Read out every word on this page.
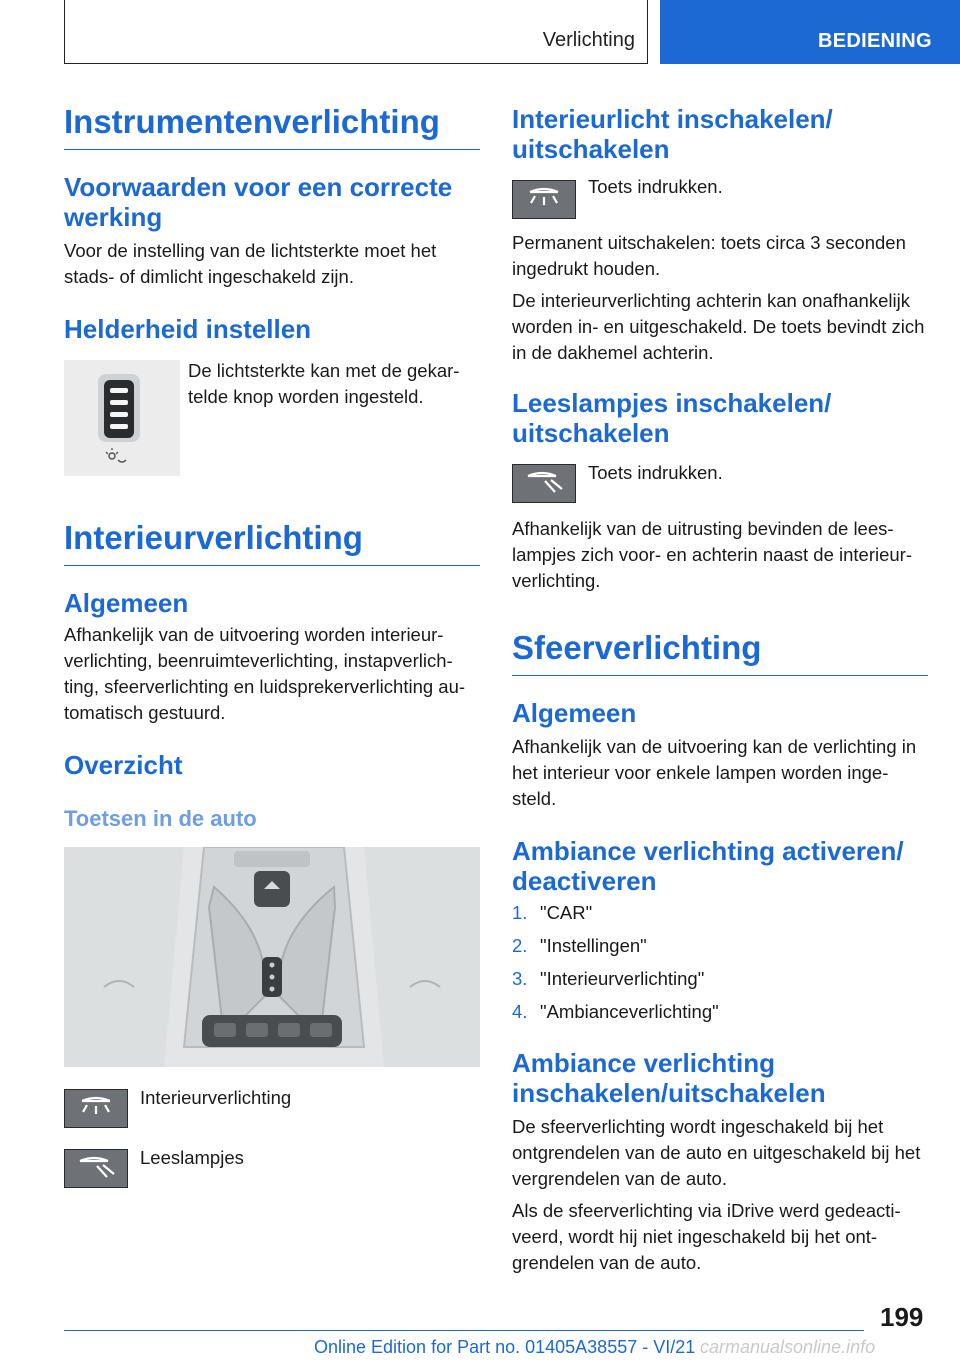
Verlichting	BEDIENING
Instrumentenverlichting
Voorwaarden voor een correcte werking

Voor de instelling van de lichtsterkte moet het stads- of dimlicht ingeschakeld zijn.

Helderheid instellen

De lichtsterkte kan met de gekar-telde knop worden ingesteld.

Interieurverlichting
Algemeen

Afhankelijk van de uitvoering worden interieur-verlichting, beenruimteverlichting, instapverlich-ting, sfeerverlichting en luidsprekerverlichting au-tomatisch gestuurd.

Overzicht
Toetsen in de auto

Interieurverlichting

Leeslampjes

Interieurlicht inschakelen/ uitschakelen

Toets indrukken.

Permanent uitschakelen: toets circa 3 seconden ingedrukt houden.

De interieurverlichting achterin kan onafhankelijk worden in- en uitgeschakeld. De toets bevindt zich in de dakhemel achterin.

Leeslampjes inschakelen/ uitschakelen

Toets indrukken.

Afhankelijk van de uitrusting bevinden de lees-lampjes zich voor- en achterin naast de interieur-verlichting.

Sfeerverlichting
Algemeen

Afhankelijk van de uitvoering kan de verlichting in het interieur voor enkele lampen worden inge-steld.

Ambiance verlichting activeren/ deactiveren
1. "CAR"
2. "Instellingen"
3. "Interieurverlichting"
4. "Ambianceverlichting"
Ambiance verlichting inschakelen/uitschakelen

De sfeerverlichting wordt ingeschakeld bij het ontgrendelen van de auto en uitgeschakeld bij het vergrendelen van de auto.

Als de sfeerverlichting via iDrive werd gedeacti-veerd, wordt hij niet ingeschakeld bij het ont-grendelen van de auto.

199
Online Edition for Part no. 01405A38557 - VI/21 carmanualsonline.info
